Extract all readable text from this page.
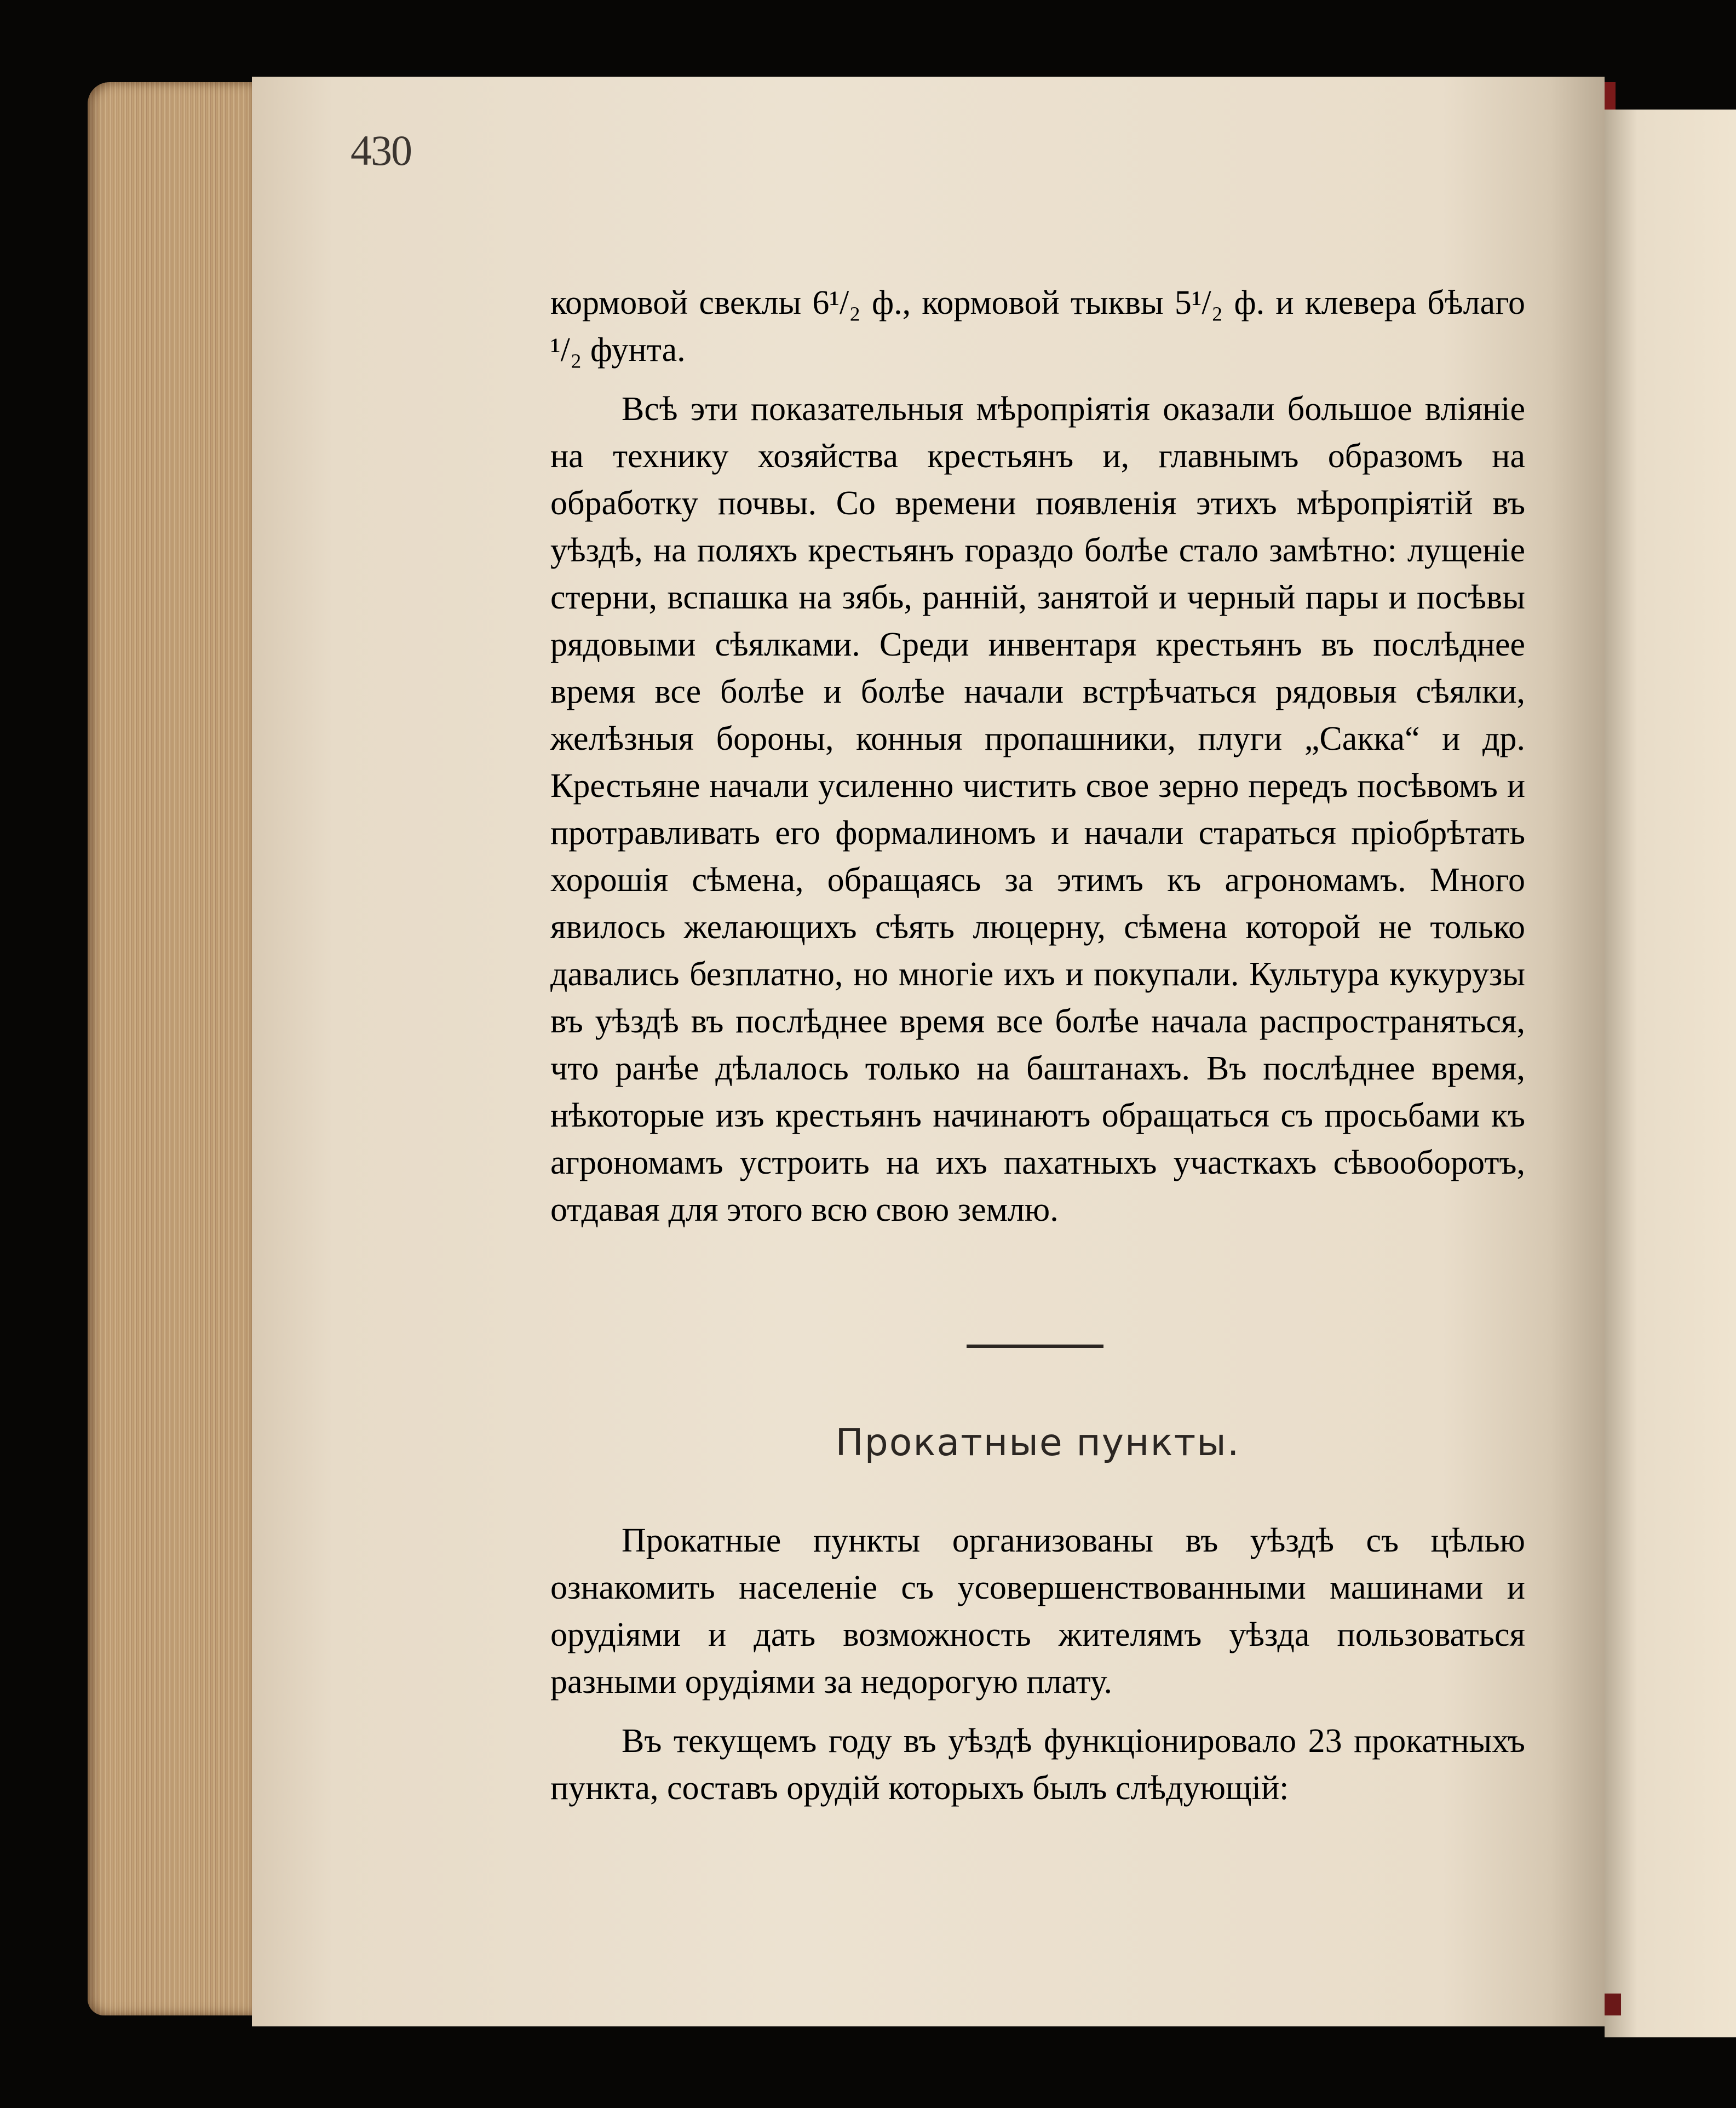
430

кормовой свеклы 6¹/₂ ф., кормовой тыквы 5¹/₂ ф. и клевера бѣлаго ¹/₂ фунта.

Всѣ эти показательныя мѣропріятія оказали большое вліяніе на технику хозяйства крестьянъ и, главнымъ образомъ на обработку почвы. Со времени появленія этихъ мѣропріятій въ уѣздѣ, на поляхъ крестьянъ гораздо болѣе стало замѣтно: лущеніе стерни, вспашка на зябь, ранній, занятой и черный пары и посѣвы рядовыми сѣялками. Среди инвентаря крестьянъ въ послѣднее время все болѣе и болѣе начали встрѣчаться рядовыя сѣялки, желѣзныя бороны, конныя пропашники, плуги „Сакка“ и др. Крестьяне начали усиленно чистить свое зерно передъ посѣвомъ и протравливать его формалиномъ и начали стараться пріобрѣтать хорошія сѣмена, обращаясь за этимъ къ агрономамъ. Много явилось желающихъ сѣять люцерну, сѣмена которой не только давались безплатно, но многіе ихъ и покупали. Культура кукурузы въ уѣздѣ въ послѣднее время все болѣе начала распространяться, что ранѣе дѣлалось только на баштанахъ. Въ послѣднее время, нѣкоторые изъ крестьянъ начинаютъ обращаться съ просьбами къ агрономамъ устроить на ихъ пахатныхъ участкахъ сѣвооборотъ, отдавая для этого всю свою землю.

Прокатные пункты.

Прокатные пункты организованы въ уѣздѣ съ цѣлью ознакомить населеніе съ усовершенствованными машинами и орудіями и дать возможность жителямъ уѣзда пользоваться разными орудіями за недорогую плату.

Въ текущемъ году въ уѣздѣ функціонировало 23 прокатныхъ пункта, составъ орудій которыхъ былъ слѣдующій:
